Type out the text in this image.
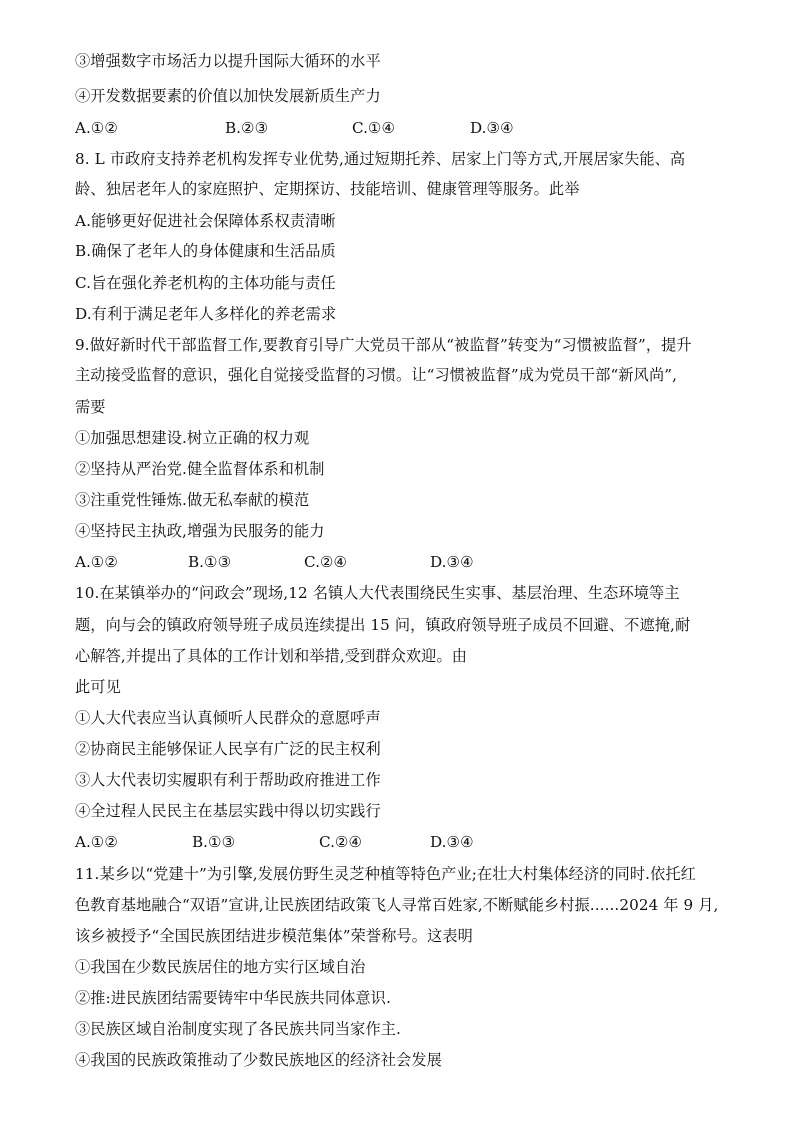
③增强数字市场活力以提升国际大循环的水平
④开发数据要素的价值以加快发展新质生产力
A.①②	B.②③	C.①④	D.③④
8. L 市政府支持养老机构发挥专业优势,通过短期托养、居家上门等方式,开展居家失能、高
龄、独居老年人的家庭照护、定期探访、技能培训、健康管理等服务。此举
A.能够更好促进社会保障体系权责清晰
B.确保了老年人的身体健康和生活品质
C.旨在强化养老机构的主体功能与责任
D.有利于满足老年人多样化的养老需求
9.做好新时代干部监督工作,要教育引导广大党员干部从“被监督”转变为“习惯被监督”，提升
主动接受监督的意识，强化自觉接受监督的习惯。让“习惯被监督”成为党员干部“新风尚”,
需要
①加强思想建设.树立正确的权力观
②坚持从严治党.健全监督体系和机制
③注重党性锤炼.做无私奉献的模范
④坚持民主执政,增强为民服务的能力
A.①②	B.①③	C.②④	D.③④
10.在某镇举办的“问政会”现场,12 名镇人大代表围绕民生实事、基层治理、生态环境等主
题，向与会的镇政府领导班子成员连续提出 15 问，镇政府领导班子成员不回避、不遮掩,耐
心解答,并提出了具体的工作计划和举措,受到群众欢迎。由
此可见
①人大代表应当认真倾听人民群众的意愿呼声
②协商民主能够保证人民享有广泛的民主权利
③人大代表切实履职有利于帮助政府推进工作
④全过程人民民主在基层实践中得以切实践行
A.①②	B.①③	C.②④	D.③④
11.某乡以“党建十”为引擎,发展仿野生灵芝种植等特色产业;在壮大村集体经济的同时.依托红
色教育基地融合“双语”宣讲,让民族团结政策飞人寻常百姓家,不断赋能乡村振......2024 年 9 月,
该乡被授予“全国民族团结进步模范集体”荣誉称号。这表明
①我国在少数民族居住的地方实行区域自治
②推:进民族团结需要铸牢中华民族共同体意识.
③民族区域自治制度实现了各民族共同当家作主.
④我国的民族政策推动了少数民族地区的经济社会发展
